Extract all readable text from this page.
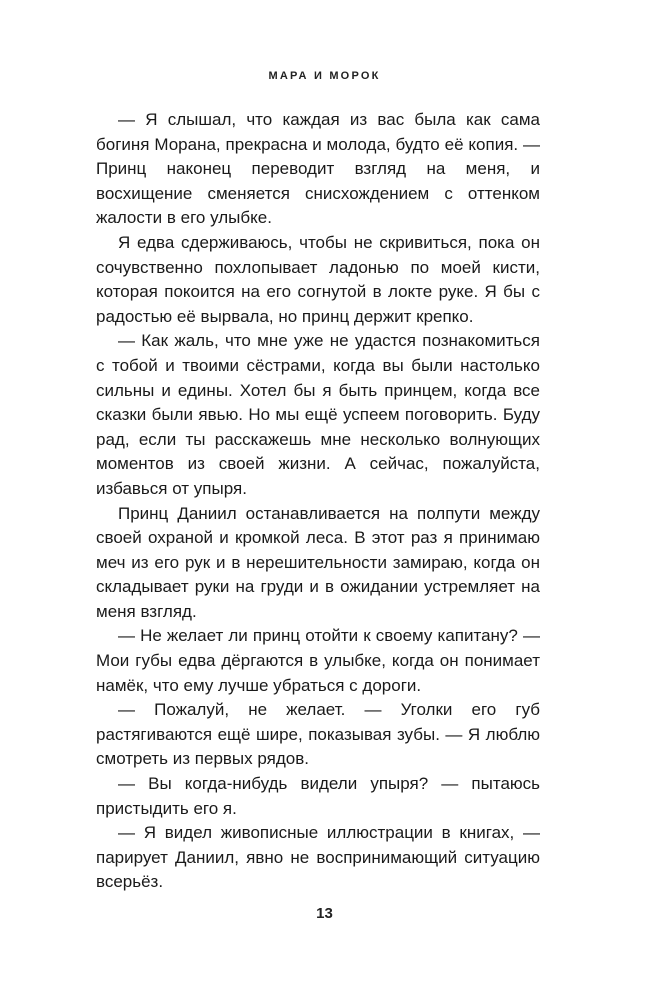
МАРА И МОРОК

— Я слышал, что каждая из вас была как сама богиня Морана, прекрасна и молода, будто её копия. — Принц наконец переводит взгляд на меня, и восхищение сменяется снисхождением с оттенком жалости в его улыбке.

Я едва сдерживаюсь, чтобы не скривиться, пока он сочувственно похлопывает ладонью по моей кисти, которая покоится на его согнутой в локте руке. Я бы с радостью её вырвала, но принц держит крепко.

— Как жаль, что мне уже не удастся познакомиться с тобой и твоими сёстрами, когда вы были настолько сильны и едины. Хотел бы я быть принцем, когда все сказки были явью. Но мы ещё успеем поговорить. Буду рад, если ты расскажешь мне несколько волнующих моментов из своей жизни. А сейчас, пожалуйста, избавься от упыря.

Принц Даниил останавливается на полпути между своей охраной и кромкой леса. В этот раз я принимаю меч из его рук и в нерешительности замираю, когда он складывает руки на груди и в ожидании устремляет на меня взгляд.

— Не желает ли принц отойти к своему капитану? — Мои губы едва дёргаются в улыбке, когда он понимает намёк, что ему лучше убраться с дороги.

— Пожалуй, не желает. — Уголки его губ растягиваются ещё шире, показывая зубы. — Я люблю смотреть из первых рядов.

— Вы когда-нибудь видели упыря? — пытаюсь пристыдить его я.

— Я видел живописные иллюстрации в книгах, — парирует Даниил, явно не воспринимающий ситуацию всерьёз.

13
